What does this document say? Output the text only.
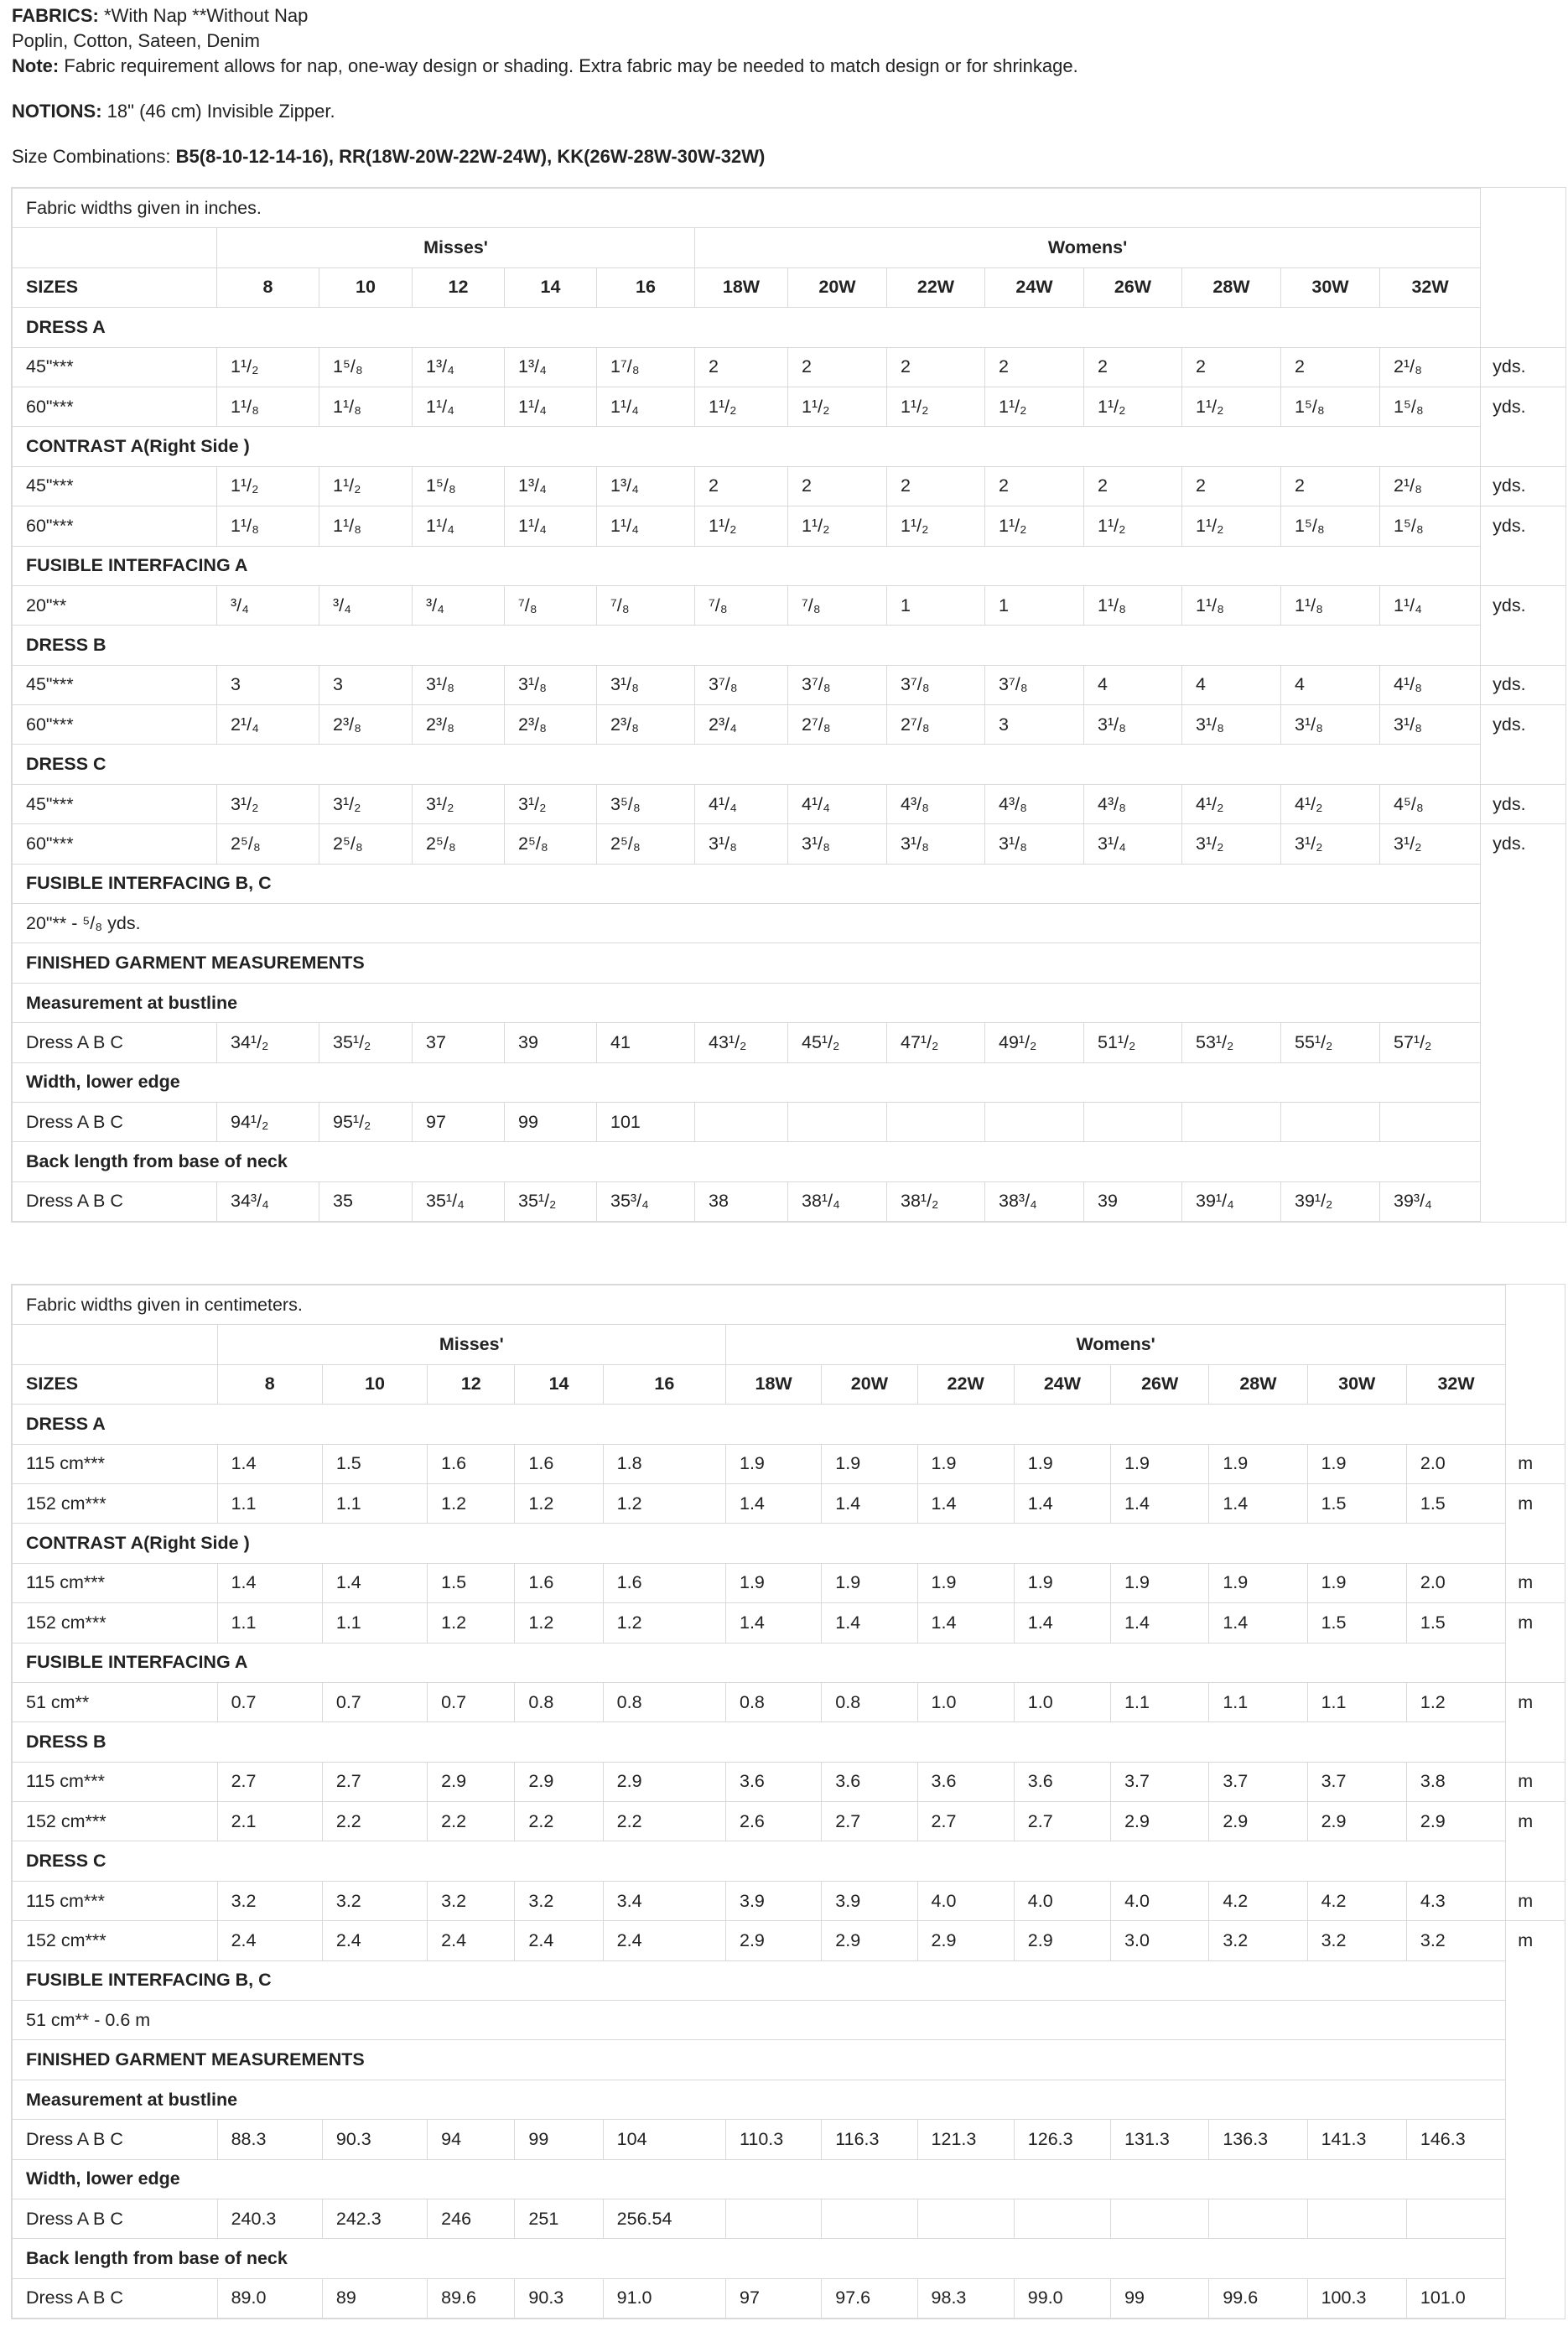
FABRICS: *With Nap **Without Nap

Poplin, Cotton, Sateen, Denim

Note: Fabric requirement allows for nap, one-way design or shading. Extra fabric may be needed to match design or for shrinkage.

NOTIONS: 18" (46 cm) Invisible Zipper.

Size Combinations: B5(8-10-12-14-16), RR(18W-20W-22W-24W), KK(26W-28W-30W-32W)

Fabric widths given in inches.														
	Misses'					Womens'								
SIZES	8	10	12	14	16	18W	20W	22W	24W	26W	28W	30W	32W	
DRESS A														
45"***	1¹/₂	1⁵/₈	1³/₄	1³/₄	1⁷/₈	2	2	2	2	2	2	2	2¹/₈	yds.
60"***	1¹/₈	1¹/₈	1¹/₄	1¹/₄	1¹/₄	1¹/₂	1¹/₂	1¹/₂	1¹/₂	1¹/₂	1¹/₂	1⁵/₈	1⁵/₈	yds.
CONTRAST A(Right Side )														
45"***	1¹/₂	1¹/₂	1⁵/₈	1³/₄	1³/₄	2	2	2	2	2	2	2	2¹/₈	yds.
60"***	1¹/₈	1¹/₈	1¹/₄	1¹/₄	1¹/₄	1¹/₂	1¹/₂	1¹/₂	1¹/₂	1¹/₂	1¹/₂	1⁵/₈	1⁵/₈	yds.
FUSIBLE INTERFACING A														
20"**	³/₄	³/₄	³/₄	⁷/₈	⁷/₈	⁷/₈	⁷/₈	1	1	1¹/₈	1¹/₈	1¹/₈	1¹/₄	yds.
DRESS B														
45"***	3	3	3¹/₈	3¹/₈	3¹/₈	3⁷/₈	3⁷/₈	3⁷/₈	3⁷/₈	4	4	4	4¹/₈	yds.
60"***	2¹/₄	2³/₈	2³/₈	2³/₈	2³/₈	2³/₄	2⁷/₈	2⁷/₈	3	3¹/₈	3¹/₈	3¹/₈	3¹/₈	yds.
DRESS C														
45"***	3¹/₂	3¹/₂	3¹/₂	3¹/₂	3⁵/₈	4¹/₄	4¹/₄	4³/₈	4³/₈	4³/₈	4¹/₂	4¹/₂	4⁵/₈	yds.
60"***	2⁵/₈	2⁵/₈	2⁵/₈	2⁵/₈	2⁵/₈	3¹/₈	3¹/₈	3¹/₈	3¹/₈	3¹/₄	3¹/₂	3¹/₂	3¹/₂	yds.
FUSIBLE INTERFACING B, C														
20"** - ⁵/₈ yds.														
FINISHED GARMENT MEASUREMENTS														
Measurement at bustline														
Dress A B C	34¹/₂	35¹/₂	37	39	41	43¹/₂	45¹/₂	47¹/₂	49¹/₂	51¹/₂	53¹/₂	55¹/₂	57¹/₂	
Width, lower edge														
Dress A B C	94¹/₂	95¹/₂	97	99	101									
Back length from base of neck														
Dress A B C	34³/₄	35	35¹/₄	35¹/₂	35³/₄	38	38¹/₄	38¹/₂	38³/₄	39	39¹/₄	39¹/₂	39³/₄	
Fabric widths given in centimeters.														
	Misses'					Womens'								
SIZES	8	10	12	14	16	18W	20W	22W	24W	26W	28W	30W	32W	
DRESS A														
115 cm***	1.4	1.5	1.6	1.6	1.8	1.9	1.9	1.9	1.9	1.9	1.9	1.9	2.0	m
152 cm***	1.1	1.1	1.2	1.2	1.2	1.4	1.4	1.4	1.4	1.4	1.4	1.5	1.5	m
CONTRAST A(Right Side )														
115 cm***	1.4	1.4	1.5	1.6	1.6	1.9	1.9	1.9	1.9	1.9	1.9	1.9	2.0	m
152 cm***	1.1	1.1	1.2	1.2	1.2	1.4	1.4	1.4	1.4	1.4	1.4	1.5	1.5	m
FUSIBLE INTERFACING A														
51 cm**	0.7	0.7	0.7	0.8	0.8	0.8	0.8	1.0	1.0	1.1	1.1	1.1	1.2	m
DRESS B														
115 cm***	2.7	2.7	2.9	2.9	2.9	3.6	3.6	3.6	3.6	3.7	3.7	3.7	3.8	m
152 cm***	2.1	2.2	2.2	2.2	2.2	2.6	2.7	2.7	2.7	2.9	2.9	2.9	2.9	m
DRESS C														
115 cm***	3.2	3.2	3.2	3.2	3.4	3.9	3.9	4.0	4.0	4.0	4.2	4.2	4.3	m
152 cm***	2.4	2.4	2.4	2.4	2.4	2.9	2.9	2.9	2.9	3.0	3.2	3.2	3.2	m
FUSIBLE INTERFACING B, C														
51 cm** - 0.6 m														
FINISHED GARMENT MEASUREMENTS														
Measurement at bustline														
Dress A B C	88.3	90.3	94	99	104	110.3	116.3	121.3	126.3	131.3	136.3	141.3	146.3	
Width, lower edge														
Dress A B C	240.3	242.3	246	251	256.54									
Back length from base of neck														
Dress A B C	89.0	89	89.6	90.3	91.0	97	97.6	98.3	99.0	99	99.6	100.3	101.0	
